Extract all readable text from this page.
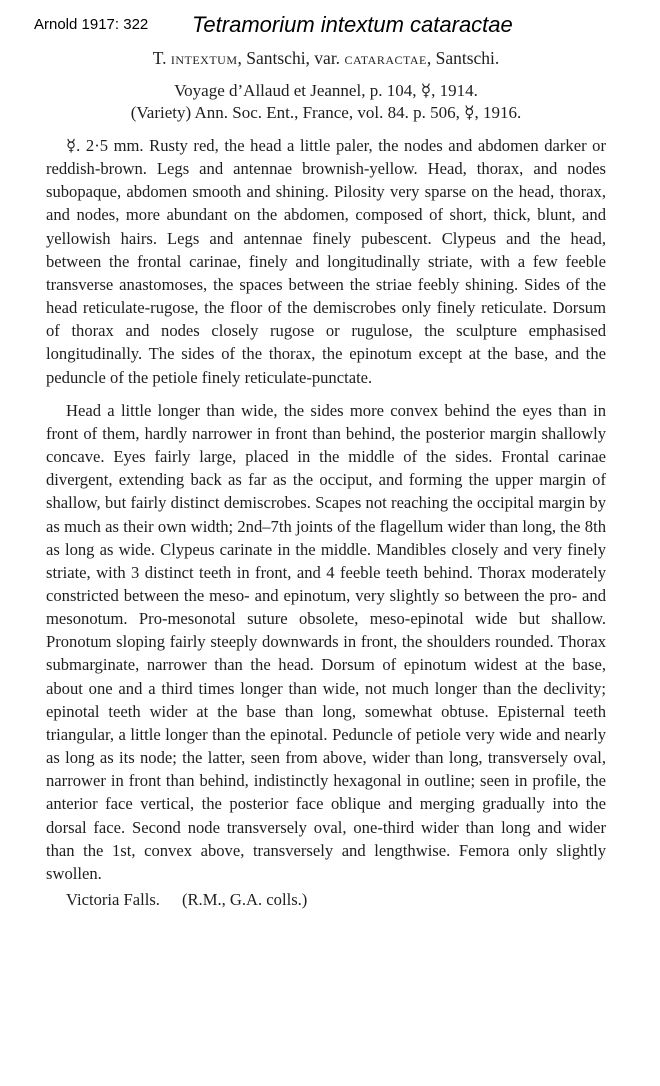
Arnold 1917: 322 Tetramorium intextum cataractae

T. intextum, Santschi, var. cataractae, Santschi.

Voyage d’Allaud et Jeannel, p. 104, ☿, 1914.
(Variety) Ann. Soc. Ent., France, vol. 84. p. 506, ☿, 1916.

☿. 2·5 mm. Rusty red, the head a little paler, the nodes and abdomen darker or reddish-brown. Legs and antennae brownish-yellow. Head, thorax, and nodes subopaque, abdomen smooth and shining. Pilosity very sparse on the head, thorax, and nodes, more abundant on the abdomen, composed of short, thick, blunt, and yellowish hairs. Legs and antennae finely pubescent. Clypeus and the head, between the frontal carinae, finely and longitudinally striate, with a few feeble transverse anastomoses, the spaces between the striae feebly shining. Sides of the head reticulate-rugose, the floor of the demiscrobes only finely reticulate. Dorsum of thorax and nodes closely rugose or rugulose, the sculpture emphasised longitudinally. The sides of the thorax, the epinotum except at the base, and the peduncle of the petiole finely reticulate-punctate.

Head a little longer than wide, the sides more convex behind the eyes than in front of them, hardly narrower in front than behind, the posterior margin shallowly concave. Eyes fairly large, placed in the middle of the sides. Frontal carinae divergent, extending back as far as the occiput, and forming the upper margin of shallow, but fairly distinct demiscrobes. Scapes not reaching the occipital margin by as much as their own width; 2nd–7th joints of the flagellum wider than long, the 8th as long as wide. Clypeus carinate in the middle. Mandibles closely and very finely striate, with 3 distinct teeth in front, and 4 feeble teeth behind. Thorax moderately constricted between the meso- and epinotum, very slightly so between the pro- and mesonotum. Pro-mesonotal suture obsolete, meso-epinotal wide but shallow. Pronotum sloping fairly steeply downwards in front, the shoulders rounded. Thorax submarginate, narrower than the head. Dorsum of epinotum widest at the base, about one and a third times longer than wide, not much longer than the declivity; epinotal teeth wider at the base than long, somewhat obtuse. Episternal teeth triangular, a little longer than the epinotal. Peduncle of petiole very wide and nearly as long as its node; the latter, seen from above, wider than long, transversely oval, narrower in front than behind, indistinctly hexagonal in outline; seen in profile, the anterior face vertical, the posterior face oblique and merging gradually into the dorsal face. Second node transversely oval, one-third wider than long and wider than the 1st, convex above, transversely and lengthwise. Femora only slightly swollen.

Victoria Falls. (R.M., G.A. colls.)
